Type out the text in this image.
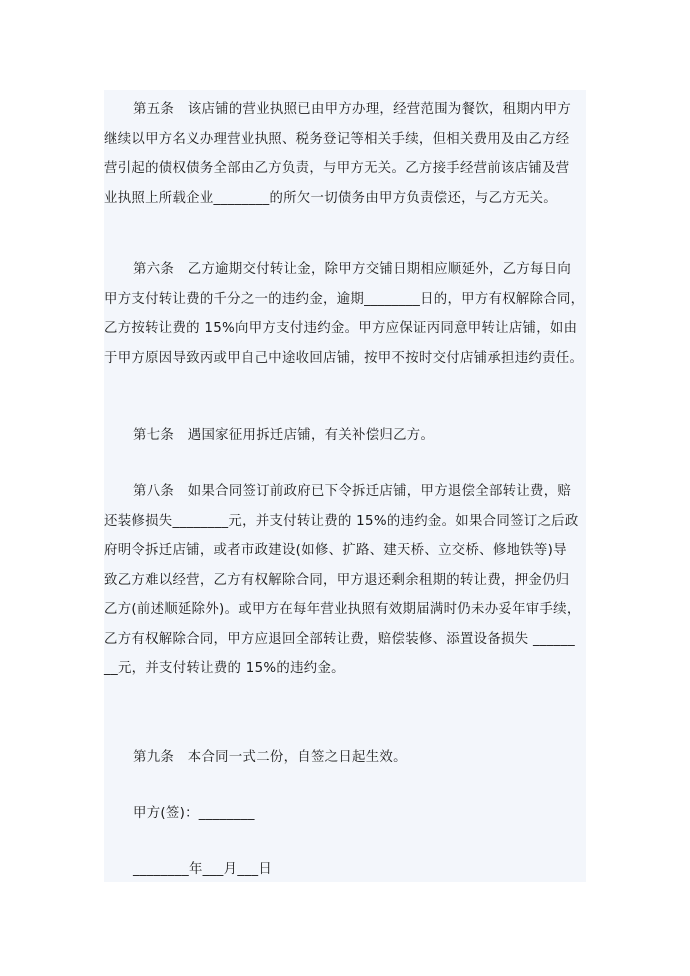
第五条　该店铺的营业执照已由甲方办理，经营范围为餐饮，租期内甲方
继续以甲方名义办理营业执照、税务登记等相关手续，但相关费用及由乙方经
营引起的债权债务全部由乙方负责，与甲方无关。乙方接手经营前该店铺及营
业执照上所载企业________的所欠一切债务由甲方负责偿还，与乙方无关。
第六条　乙方逾期交付转让金，除甲方交铺日期相应顺延外，乙方每日向
甲方支付转让费的千分之一的违约金，逾期________日的，甲方有权解除合同，
乙方按转让费的 15%向甲方支付违约金。甲方应保证丙同意甲转让店铺，如由
于甲方原因导致丙或甲自己中途收回店铺，按甲不按时交付店铺承担违约责任。
第七条　遇国家征用拆迁店铺，有关补偿归乙方。
第八条　如果合同签订前政府已下令拆迁店铺，甲方退偿全部转让费，赔
还装修损失________元，并支付转让费的 15%的违约金。如果合同签订之后政
府明令拆迁店铺，或者市政建设(如修、扩路、建天桥、立交桥、修地铁等)导
致乙方难以经营，乙方有权解除合同，甲方退还剩余租期的转让费，押金仍归
乙方(前述顺延除外)。或甲方在每年营业执照有效期届满时仍未办妥年审手续，
乙方有权解除合同，甲方应退回全部转让费，赔偿装修、添置设备损失 ______
__元，并支付转让费的 15%的违约金。
第九条　本合同一式二份，自签之日起生效。
甲方(签)：________
________年___月___日
